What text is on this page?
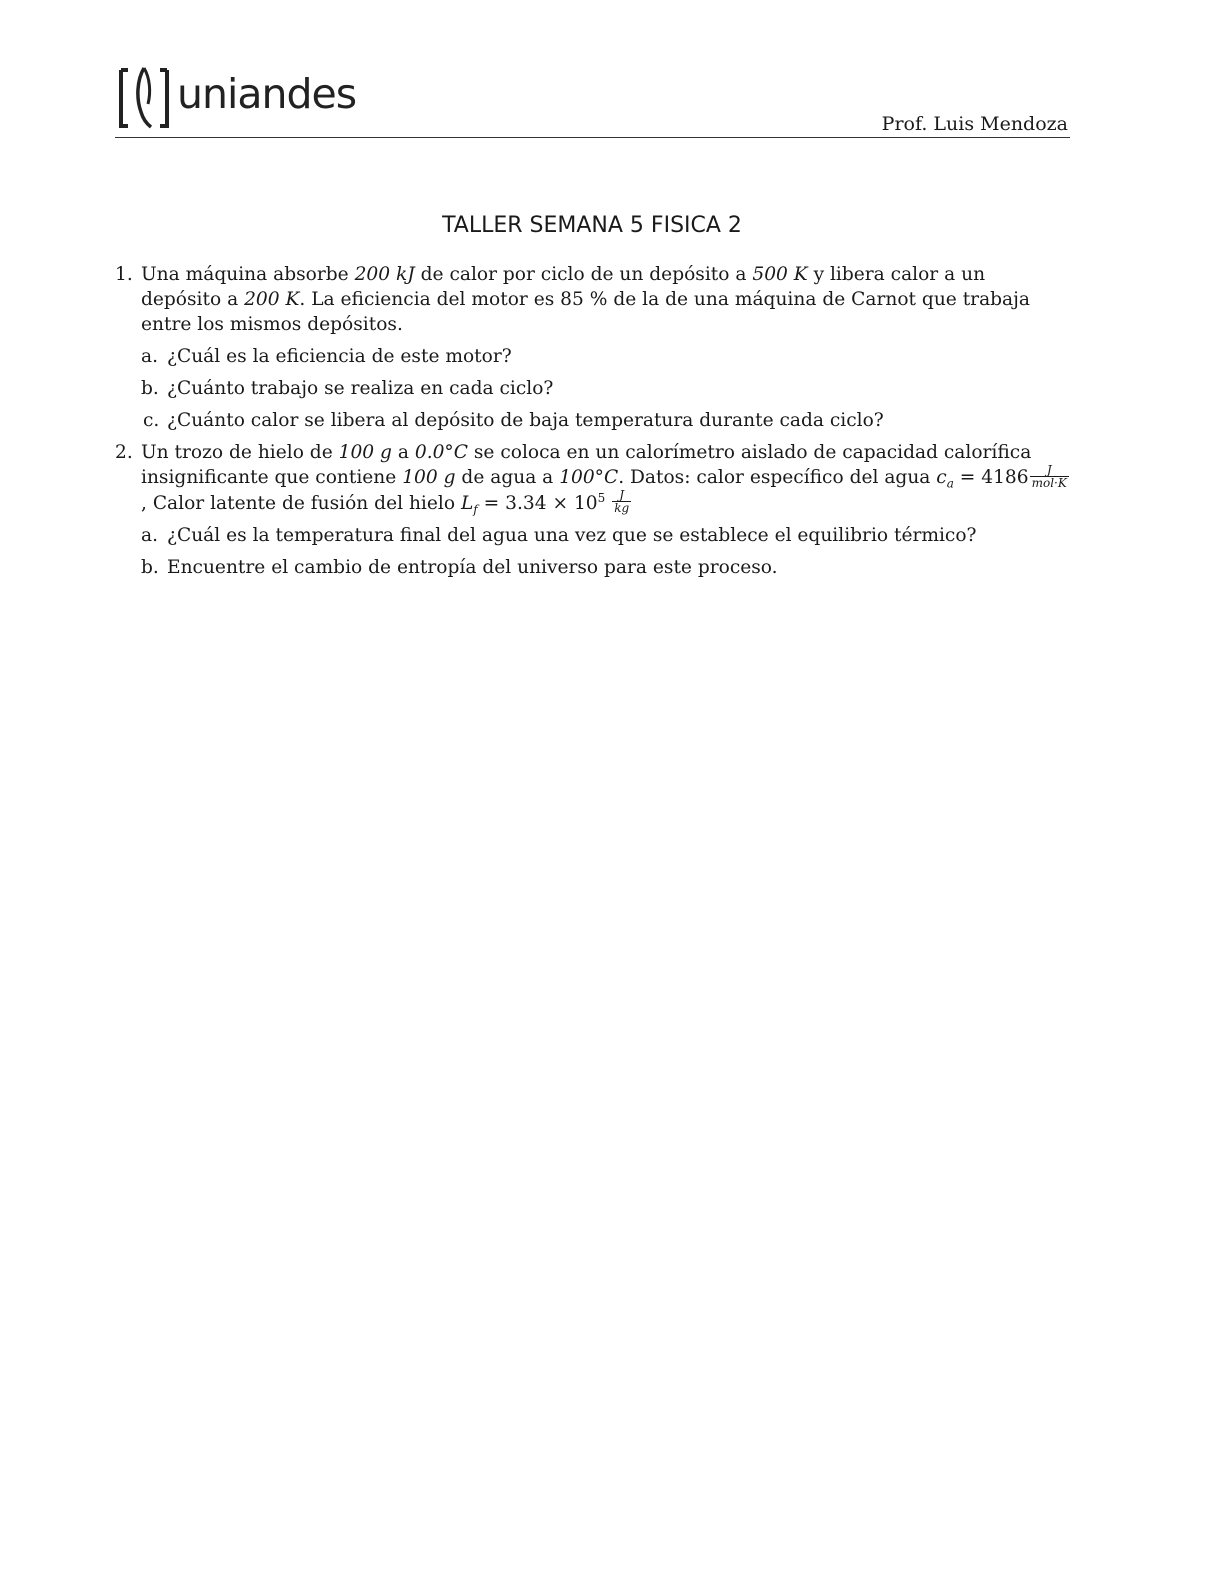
uniandes
Prof. Luis Mendoza
TALLER SEMANA 5 FISICA 2
1. Una máquina absorbe 200 kJ de calor por ciclo de un depósito a 500 K y libera calor a un depósito a 200 K. La eficiencia del motor es 85 % de la de una máquina de Carnot que trabaja entre los mismos depósitos.
a. ¿Cuál es la eficiencia de este motor?
b. ¿Cuánto trabajo se realiza en cada ciclo?
c. ¿Cuánto calor se libera al depósito de baja temperatura durante cada ciclo?
2. Un trozo de hielo de 100 g a 0.0°C se coloca en un calorímetro aislado de capacidad calorífica insignificante que contiene 100 g de agua a 100°C. Datos: calor específico del agua $c_a = 4186 \frac{J}{\text{mol·K}}$
, Calor latente de fusión del hielo $L_f = 3.34 \times 10^5 \frac{J}{kg}$
a. ¿Cuál es la temperatura final del agua una vez que se establece el equilibrio térmico?
b. Encuentre el cambio de entropía del universo para este proceso.
